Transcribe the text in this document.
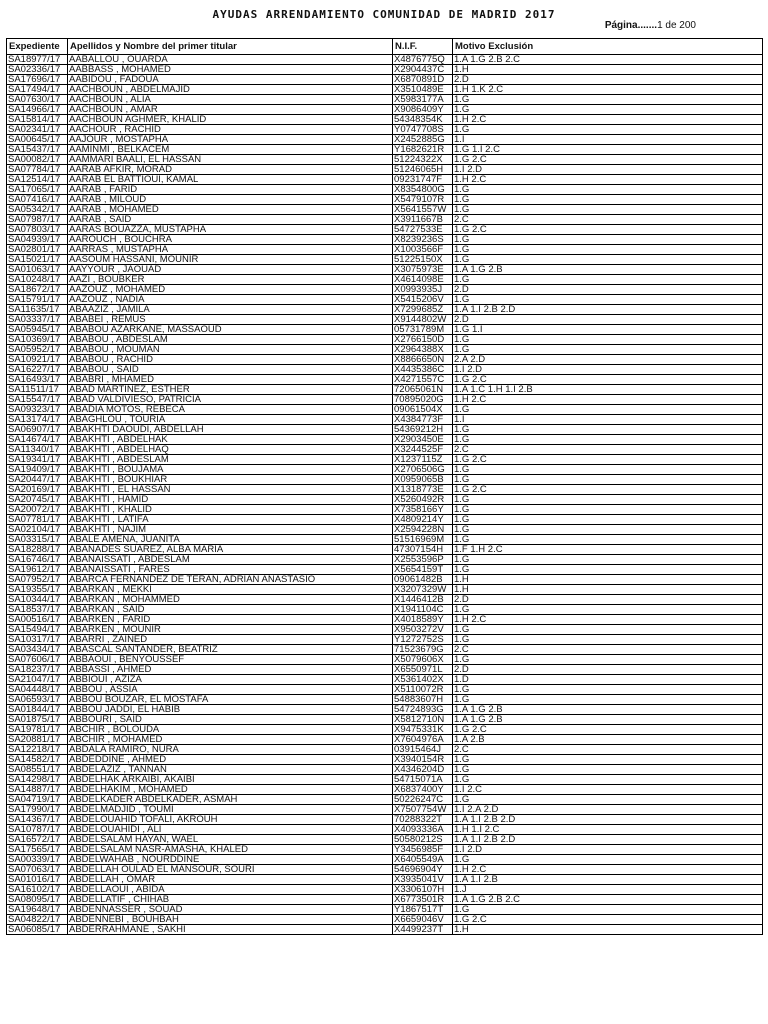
AYUDAS ARRENDAMIENTO COMUNIDAD DE MADRID 2017
Página.......1 de 200
Expediente	Apellidos y Nombre del primer titular	N.I.F.	Motivo Exclusión
SA18977/17	AABALLOU , OUARDA	X4876775Q	1.A 1.G 2.B 2.C
SA02336/17	AABBASS , MOHAMED	X2904437C	1.H
SA17696/17	AABIDOU , FADOUA	X6870891D	2.D
SA17494/17	AACHBOUN , ABDELMAJID	X3510489E	1.H 1.K 2.C
SA07630/17	AACHBOUN , ALIA	X5983177A	1.G
SA14966/17	AACHBOUN , AMAR	X9086409Y	1.G
SA15814/17	AACHBOUN AGHMER, KHALID	54348354K	1.H 2.C
SA02341/17	AACHOUR , RACHID	Y0747708S	1.G
SA00645/17	AAJOUR , MOSTAPHA	X2452885G	1.I
SA15437/17	AAMINMI , BELKACEM	Y1682621R	1.G 1.I 2.C
SA00082/17	AAMMARI BAALI, EL HASSAN	51224322X	1.G 2.C
SA07784/17	AARAB AFKIR, MORAD	51246065H	1.I 2.D
SA12514/17	AARAB EL BATTIOUI, KAMAL	09231747F	1.H 2.C
SA17065/17	AARAB , FARID	X8354800G	1.G
SA07416/17	AARAB , MILOUD	X5479107R	1.G
SA05342/17	AARAB , MOHAMED	X5641557W	1.G
SA07987/17	AARAB , SAID	X3911667B	2.C
SA07803/17	AARAS BOUAZZA, MUSTAPHA	54727533E	1.G 2.C
SA04939/17	AAROUCH , BOUCHRA	X8239236S	1.G
SA02801/17	AARRAS , MUSTAPHA	X1003566F	1.G
SA15021/17	AASOUM HASSANI, MOUNIR	51225150X	1.G
SA01063/17	AAYYOUR , JAOUAD	X3075973E	1.A 1.G 2.B
SA10248/17	AAZI , BOUBKER	X4614098E	1.G
SA18672/17	AAZOUZ , MOHAMED	X0993935J	2.D
SA15791/17	AAZOUZ , NADIA	X5415206V	1.G
SA11635/17	ABAAZIZ , JAMILA	X7299685Z	1.A 1.I 2.B 2.D
SA03337/17	ABABEI , REMUS	X9144802W	2.D
SA05945/17	ABABOU AZARKANE, MASSAOUD	05731789M	1.G 1.I
SA10369/17	ABABOU , ABDESLAM	X2766150D	1.G
SA05952/17	ABABOU , MOUMAN	X2964388X	1.G
SA10921/17	ABABOU , RACHID	X8866650N	2.A 2.D
SA16227/17	ABABOU , SAID	X4435386C	1.I 2.D
SA16493/17	ABABRI , MHAMED	X4271557C	1.G 2.C
SA11511/17	ABAD MARTINEZ, ESTHER	72065061N	1.A 1.C 1.H 1.I 2.B
SA15547/17	ABAD VALDIVIESO, PATRICIA	70895020G	1.H 2.C
SA09323/17	ABADIA MOTOS, REBECA	09061504X	1.G
SA13174/17	ABAGHLOU , TOURIA	X4384773F	1.I
SA06907/17	ABAKHTI DAOUDI, ABDELLAH	54369212H	1.G
SA14674/17	ABAKHTI , ABDELHAK	X2903450E	1.G
SA11340/17	ABAKHTI , ABDELHAQ	X3244525F	2.C
SA19341/17	ABAKHTI , ABDESLAM	X1237115Z	1.G 2.C
SA19409/17	ABAKHTI , BOUJAMA	X2706506G	1.G
SA20447/17	ABAKHTI , BOUKHIAR	X0959065B	1.G
SA20169/17	ABAKHTI , EL HASSAN	X1318773E	1.G 2.C
SA20745/17	ABAKHTI , HAMID	X5260492R	1.G
SA20072/17	ABAKHTI , KHALID	X7358166Y	1.G
SA07781/17	ABAKHTI , LATIFA	X4809214Y	1.G
SA02104/17	ABAKHTI , NAJIM	X2594228N	1.G
SA03315/17	ABALE AMENA, JUANITA	51516969M	1.G
SA18288/17	ABANADES SUAREZ, ALBA MARIA	47307154H	1.F 1.H 2.C
SA16746/17	ABANAISSATI , ABDESLAM	X2553596P	1.G
SA19612/17	ABANAISSATI , FARES	X5654159T	1.G
SA07952/17	ABARCA FERNANDEZ DE TERAN, ADRIAN ANASTASIO	09061482B	1.H
SA19355/17	ABARKAN , MEKKI	X3207329W	1.H
SA10344/17	ABARKAN , MOHAMMED	X1446412B	2.D
SA18537/17	ABARKAN , SAID	X1941104C	1.G
SA00516/17	ABARKEN , FARID	X4018589Y	1.H 2.C
SA15494/17	ABARKEN , MOUNIR	X9503272V	1.G
SA10317/17	ABARRI , ZAINED	Y1272752S	1.G
SA03434/17	ABASCAL SANTANDER, BEATRIZ	71523679G	2.C
SA07606/17	ABBAOUI , BENYOUSSEF	X5079606X	1.G
SA18237/17	ABBASSI , AHMED	X6550971L	2.D
SA21047/17	ABBIOUI , AZIZA	X5361402X	1.D
SA04448/17	ABBOU , ASSIA	X5110072R	1.G
SA06593/17	ABBOU BOUZAR, EL MOSTAFA	54883607H	1.G
SA01844/17	ABBOU JADDI, EL HABIB	54724893G	1.A 1.G 2.B
SA01875/17	ABBOURI , SAID	X5812710N	1.A 1.G 2.B
SA19781/17	ABCHIR , BOLOUDA	X9475331K	1.G 2.C
SA20881/17	ABCHIR , MOHAMED	X7604976A	1.A 2.B
SA12218/17	ABDALA RAMIRO, NURA	03915464J	2.C
SA14582/17	ABDEDDINE , AHMED	X3940154R	1.G
SA08551/17	ABDELAZIZ , TANNAN	X4346204D	1.G
SA14298/17	ABDELHAK ARKAIBI, AKAIBI	54715071A	1.G
SA14887/17	ABDELHAKIM , MOHAMED	X6837400Y	1.I 2.C
SA04719/17	ABDELKADER ABDELKADER, ASMAH	50226247C	1.G
SA17990/17	ABDELMADJID , TOUMI	X7507754W	1.I 2.A 2.D
SA14367/17	ABDELOUAHID TOFALI, AKROUH	70288322T	1.A 1.I 2.B 2.D
SA10787/17	ABDELOUAHIDI , ALI	X4093336A	1.H 1.I 2.C
SA16572/17	ABDELSALAM HAYAN, WAEL	50580212S	1.A 1.I 2.B 2.D
SA17565/17	ABDELSALAM NASR-AMASHA, KHALED	Y3456985F	1.I 2.D
SA00339/17	ABDELWAHAB , NOURDDINE	X6405549A	1.G
SA07063/17	ABDELLAH OULAD EL MANSOUR, SOURI	54696904Y	1.H 2.C
SA01016/17	ABDELLAH , OMAR	X3935041V	1.A 1.I 2.B
SA16102/17	ABDELLAOUI , ABIDA	X3306107H	1.J
SA08095/17	ABDELLATIF , CHIHAB	X6773501R	1.A 1.G 2.B 2.C
SA19648/17	ABDENNASSER , SOUAD	Y1867517T	1.G
SA04822/17	ABDENNEBI , BOUHBAH	X6659046V	1.G 2.C
SA06085/17	ABDERRAHMANE , SAKHI	X4499237T	1.H
